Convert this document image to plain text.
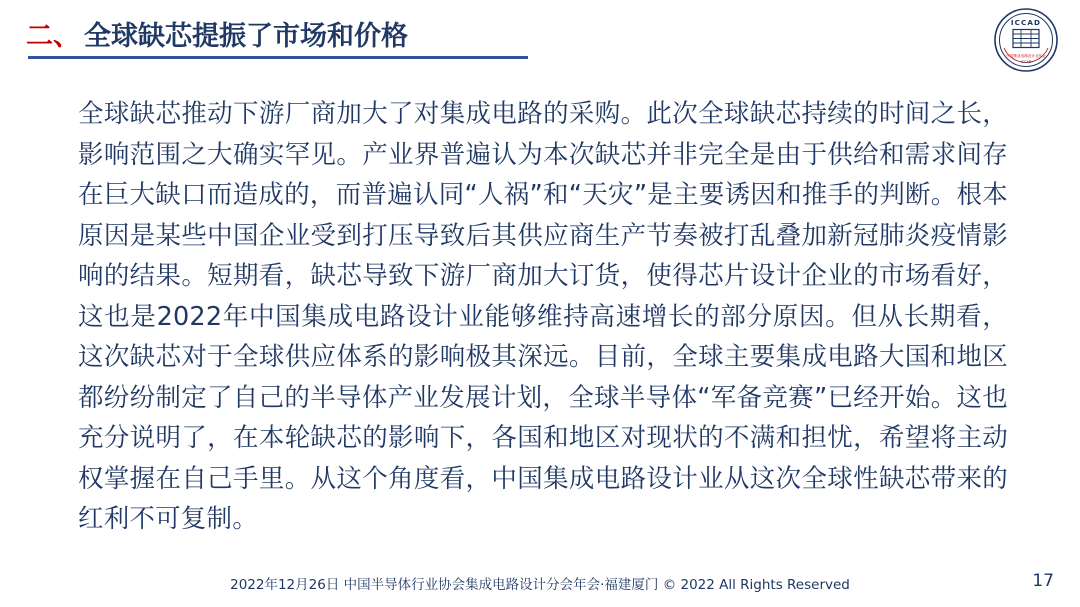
二、 全球缺芯提振了市场和价格	ICCAD
中国集成电路设计业年会
ICCAD
全球缺芯推动下游厂商加大了对集成电路的采购。此次全球缺芯持续的时间之长，影响范围之大确实罕见。产业界普遍认为本次缺芯并非完全是由于供给和需求间存在巨大缺口而造成的，而普遍认同“人祸”和“天灾”是主要诱因和推手的判断。根本原因是某些中国企业受到打压导致后其供应商生产节奏被打乱叠加新冠肺炎疫情影响的结果。短期看，缺芯导致下游厂商加大订货，使得芯片设计企业的市场看好，这也是2022年中国集成电路设计业能够维持高速增长的部分原因。但从长期看，这次缺芯对于全球供应体系的影响极其深远。目前，全球主要集成电路大国和地区都纷纷制定了自己的半导体产业发展计划，全球半导体“军备竞赛”已经开始。这也充分说明了，在本轮缺芯的影响下，各国和地区对现状的不满和担忧，希望将主动权掌握在自己手里。从这个角度看，中国集成电路设计业从这次全球性缺芯带来的红利不可复制。
2022年12月26日 中国半导体行业协会集成电路设计分会年会·福建厦门 © 2022 All Rights Reserved	17
